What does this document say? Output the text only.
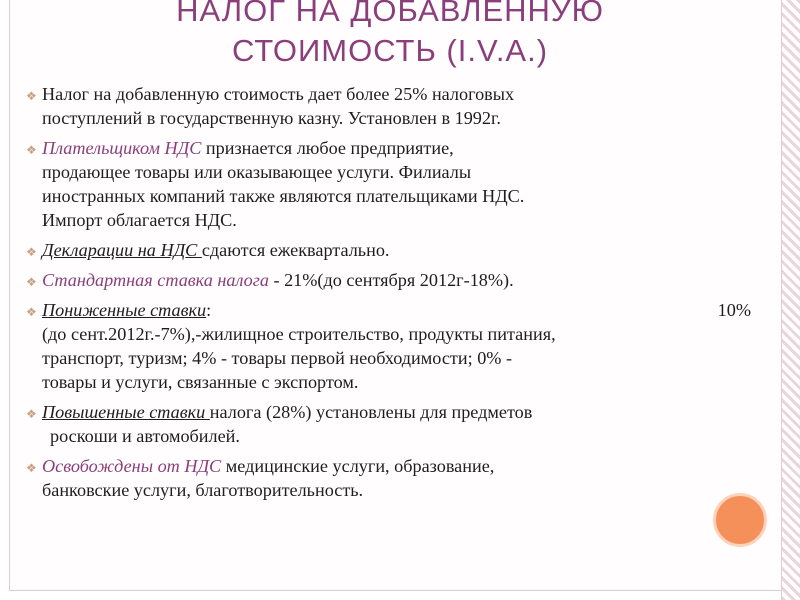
НАЛОГ НА ДОБАВЛЕННУЮ
СТОИМОСТЬ (I.V.A.)
❖ Налог на добавленную стоимость дает более 25% налоговых
поступлений в государственную казну. Установлен в 1992г.
❖ Плательщиком НДС признается любое предприятие,
продающее товары или оказывающее услуги. Филиалы
иностранных компаний также являются плательщиками НДС.
Импорт облагается НДС.
❖ Декларации на НДС сдаются ежеквартально.
❖ Стандартная ставка налога - 21%(до сентября 2012г-18%).
❖ Пониженные ставки:	10%
(до сент.2012г.-7%),-жилищное строительство, продукты питания,
транспорт, туризм; 4% - товары первой необходимости; 0% -
товары и услуги, связанные с экспортом.
❖ Повышенные ставки налога (28%) установлены для предметов
роскоши и автомобилей.
❖ Освобождены от НДС медицинские услуги, образование,
банковские услуги, благотворительность.
